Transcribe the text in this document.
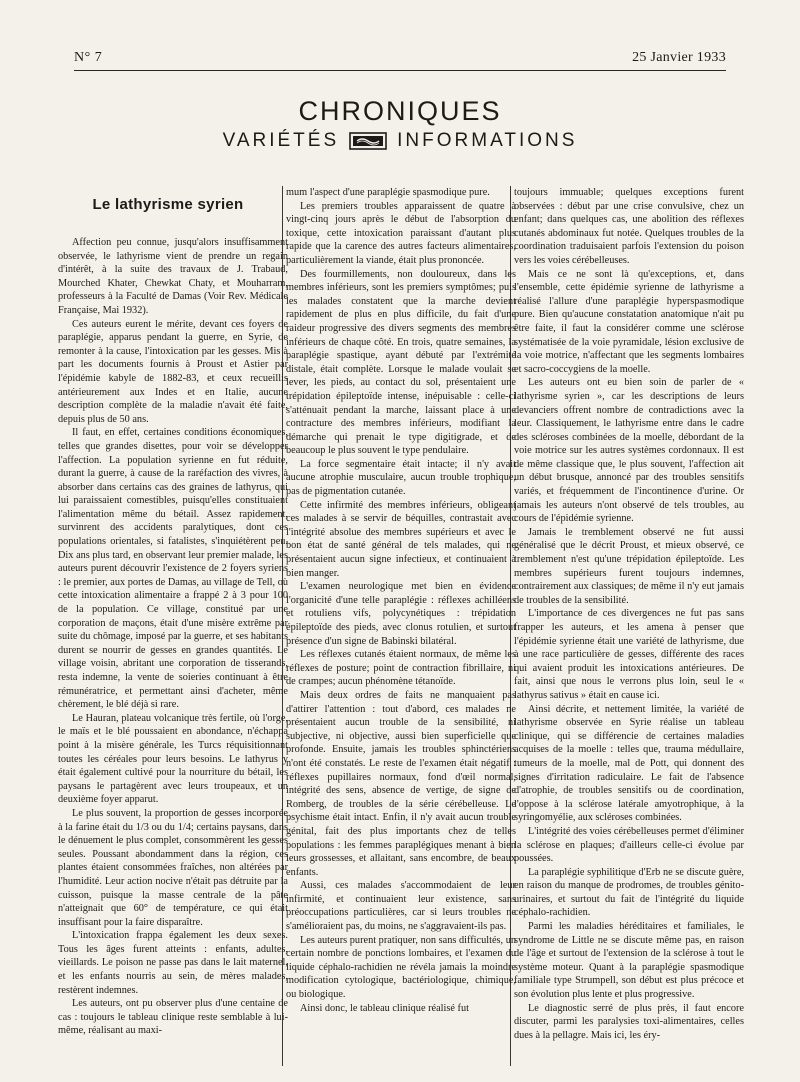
N° 7	25 Janvier 1933
CHRONIQUES
VARIÉTÉS	INFORMATIONS
Le lathyrisme syrien

Affection peu connue, jusqu'alors insuffisamment observée, le lathyrisme vient de prendre un regain d'intérêt, à la suite des travaux de J. Trabaud, Mourched Khater, Chewkat Chaty, et Mouharram, professeurs à la Faculté de Damas (Voir Rev. Médicale Française, Mai 1932).

Ces auteurs eurent le mérite, devant ces foyers de paraplégie, apparus pendant la guerre, en Syrie, de remonter à la cause, l'intoxication par les gesses. Mis à part les documents fournis à Proust et Astier par l'épidémie kabyle de 1882-83, et ceux recueillis antérieurement aux Indes et en Italie, aucune description complète de la maladie n'avait été faite, depuis plus de 50 ans.

Il faut, en effet, certaines conditions économiques, telles que grandes disettes, pour voir se développer l'affection. La population syrienne en fut réduite, durant la guerre, à cause de la raréfaction des vivres, à absorber dans certains cas des graines de lathyrus, qui lui paraissaient comestibles, puisqu'elles constituaient l'alimentation même du bétail. Assez rapidement, survinrent des accidents paralytiques, dont ces populations orientales, si fatalistes, s'inquiétèrent peu. Dix ans plus tard, en observant leur premier malade, les auteurs purent découvrir l'existence de 2 foyers syriens : le premier, aux portes de Damas, au village de Tell, où cette intoxication alimentaire a frappé 2 à 3 pour 100 de la population. Ce village, constitué par une corporation de maçons, était d'une misère extrême par suite du chômage, imposé par la guerre, et ses habitants durent se nourrir de gesses en grandes quantités. Le village voisin, abritant une corporation de tisserands, resta indemne, la vente de soieries continuant à être rémunératrice, et permettant ainsi d'acheter, même chèrement, le blé déjà si rare.

Le Hauran, plateau volcanique très fertile, où l'orge, le maïs et le blé poussaient en abondance, n'échappa point à la misère générale, les Turcs réquisitionnant toutes les céréales pour leurs besoins. Le lathyrus y était également cultivé pour la nourriture du bétail, les paysans le partagèrent avec leurs troupeaux, et un deuxième foyer apparut.

Le plus souvent, la proportion de gesses incorporée à la farine était du 1/3 ou du 1/4; certains paysans, dans le dénuement le plus complet, consommèrent les gesses seules. Poussant abondamment dans la région, ces plantes étaient consommées fraîches, non altérées par l'humidité. Leur action nocive n'était pas détruite par la cuisson, puisque la masse centrale de la pâte n'atteignait que 60° de température, ce qui était insuffisant pour la faire disparaître.

L'intoxication frappa également les deux sexes. Tous les âges furent atteints : enfants, adultes, vieillards. Le poison ne passe pas dans le lait maternel, et les enfants nourris au sein, de mères malades, restèrent indemnes.

Les auteurs, ont pu observer plus d'une centaine de cas : toujours le tableau clinique reste semblable à lui-même, réalisant au maxi-

mum l'aspect d'une paraplégie spasmodique pure.

Les premiers troubles apparaissent de quatre à vingt-cinq jours après le début de l'absorption du toxique, cette intoxication paraissant d'autant plus rapide que la carence des autres facteurs alimentaires, particulièrement la viande, était plus prononcée.

Des fourmillements, non douloureux, dans les membres inférieurs, sont les premiers symptômes; puis les malades constatent que la marche devient rapidement de plus en plus difficile, du fait d'une raideur progressive des divers segments des membres inférieurs de chaque côté. En trois, quatre semaines, la paraplégie spastique, ayant débuté par l'extrémité distale, était complète. Lorsque le malade voulait se lever, les pieds, au contact du sol, présentaient une trépidation épileptoïde intense, inépuisable : celle-ci s'atténuait pendant la marche, laissant place à une contracture des membres inférieurs, modifiant la démarche qui prenait le type digitigrade, et de beaucoup le plus souvent le type pendulaire.

La force segmentaire était intacte; il n'y avait aucune atrophie musculaire, aucun trouble trophique, pas de pigmentation cutanée.

Cette infirmité des membres inférieurs, obligeant ces malades à se servir de béquilles, contrastait avec l'intégrité absolue des membres supérieurs et avec le bon état de santé général de tels malades, qui ne présentaient aucun signe infectieux, et continuaient à bien manger.

L'examen neurologique met bien en évidence l'organicité d'une telle paraplégie : réflexes achilléens et rotuliens vifs, polycynétiques : trépidation épileptoïde des pieds, avec clonus rotulien, et surtout présence d'un signe de Babinski bilatéral.

Les réflexes cutanés étaient normaux, de même les réflexes de posture; point de contraction fibrillaire, ni de crampes; aucun phénomène tétanoïde.

Mais deux ordres de faits ne manquaient pas d'attirer l'attention : tout d'abord, ces malades ne présentaient aucun trouble de la sensibilité, ni subjective, ni objective, aussi bien superficielle que profonde. Ensuite, jamais les troubles sphinctériens n'ont été constatés. Le reste de l'examen était négatif : réflexes pupillaires normaux, fond d'œil normal, intégrité des sens, absence de vertige, de signe de Romberg, de troubles de la série cérébelleuse. Le psychisme était intact. Enfin, il n'y avait aucun trouble génital, fait des plus importants chez de telles populations : les femmes paraplégiques menant à bien leurs grossesses, et allaitant, sans encombre, de beaux enfants.

Aussi, ces malades s'accommodaient de leur infirmité, et continuaient leur existence, sans préoccupations particulières, car si leurs troubles ne s'amélioraient pas, du moins, ne s'aggravaient-ils pas.

Les auteurs purent pratiquer, non sans difficultés, un certain nombre de ponctions lombaires, et l'examen du liquide céphalo-rachidien ne révéla jamais la moindre modification cytologique, bactériologique, chimique, ou biologique.

Ainsi donc, le tableau clinique réalisé fut

toujours immuable; quelques exceptions furent observées : début par une crise convulsive, chez un enfant; dans quelques cas, une abolition des réflexes cutanés abdominaux fut notée. Quelques troubles de la coordination traduisaient parfois l'extension du poison vers les voies cérébelleuses.

Mais ce ne sont là qu'exceptions, et, dans l'ensemble, cette épidémie syrienne de lathyrisme a réalisé l'allure d'une paraplégie hyperspasmodique pure. Bien qu'aucune constatation anatomique n'ait pu être faite, il faut la considérer comme une sclérose systématisée de la voie pyramidale, lésion exclusive de la voie motrice, n'affectant que les segments lombaires et sacro-coccygiens de la moelle.

Les auteurs ont eu bien soin de parler de « lathyrisme syrien », car les descriptions de leurs devanciers offrent nombre de contradictions avec la leur. Classiquement, le lathyrisme entre dans le cadre des scléroses combinées de la moelle, débordant de la voie motrice sur les autres systèmes cordonnaux. Il est de même classique que, le plus souvent, l'affection ait un début brusque, annoncé par des troubles sensitifs variés, et fréquemment de l'incontinence d'urine. Or jamais les auteurs n'ont observé de tels troubles, au cours de l'épidémie syrienne.

Jamais le tremblement observé ne fut aussi généralisé que le décrit Proust, et mieux observé, ce tremblement n'est qu'une trépidation épileptoïde. Les membres supérieurs furent toujours indemnes, contrairement aux classiques; de même il n'y eut jamais de troubles de la sensibilité.

L'importance de ces divergences ne fut pas sans frapper les auteurs, et les amena à penser que l'épidémie syrienne était une variété de lathyrisme, due à une race particulière de gesses, différente des races qui avaient produit les intoxications antérieures. De fait, ainsi que nous le verrons plus loin, seul le « lathyrus sativus » était en cause ici.

Ainsi décrite, et nettement limitée, la variété de lathyrisme observée en Syrie réalise un tableau clinique, qui se différencie de certaines maladies acquises de la moelle : telles que, trauma médullaire, tumeurs de la moelle, mal de Pott, qui donnent des signes d'irritation radiculaire. Le fait de l'absence d'atrophie, de troubles sensitifs ou de coordination, l'oppose à la sclérose latérale amyotrophique, à la syringomyélie, aux scléroses combinées.

L'intégrité des voies cérébelleuses permet d'éliminer la sclérose en plaques; d'ailleurs celle-ci évolue par poussées.

La paraplégie syphilitique d'Erb ne se discute guère, en raison du manque de prodromes, de troubles génito-urinaires, et surtout du fait de l'intégrité du liquide céphalo-rachidien.

Parmi les maladies héréditaires et familiales, le syndrome de Little ne se discute même pas, en raison de l'âge et surtout de l'extension de la sclérose à tout le système moteur. Quant à la paraplégie spasmodique familiale type Strumpell, son début est plus précoce et son évolution plus lente et plus progressive.

Le diagnostic serré de plus près, il faut encore discuter, parmi les paralysies toxi-alimentaires, celles dues à la pellagre. Mais ici, les éry-
